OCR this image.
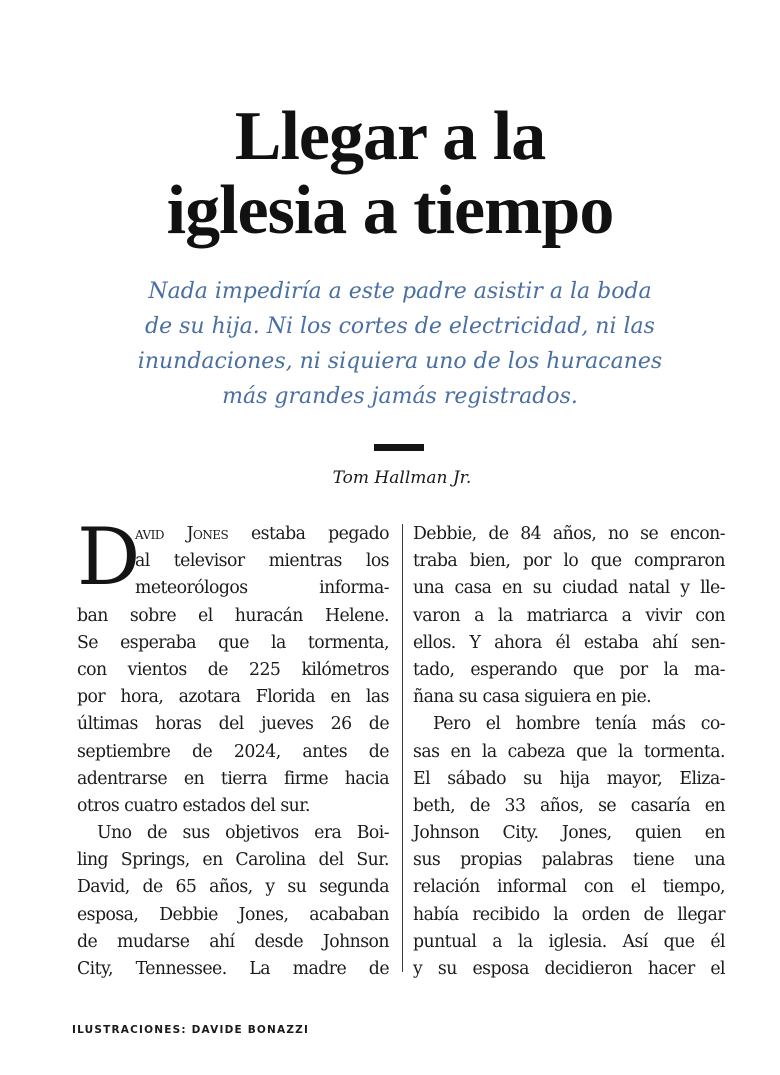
Llegar a la
iglesia a tiempo

Nada impediría a este padre asistir a la boda
de su hija. Ni los cortes de electricidad, ni las
inundaciones, ni siquiera uno de los huracanes
más grandes jamás registrados.

Tom Hallman Jr.
D
avid Jones estaba pegado
al televisor mientras los
meteorólogos informa-
ban sobre el huracán Helene.
Se esperaba que la tormenta,
con vientos de 225 kilómetros
por hora, azotara Florida en las
últimas horas del jueves 26 de
septiembre de 2024, antes de
adentrarse en tierra firme hacia
otros cuatro estados del sur.
Uno de sus objetivos era Boi-
ling Springs, en Carolina del Sur.
David, de 65 años, y su segunda
esposa, Debbie Jones, acababan
de mudarse ahí desde Johnson
City, Tennessee. La madre de
Debbie, de 84 años, no se encon-
traba bien, por lo que compraron
una casa en su ciudad natal y lle-
varon a la matriarca a vivir con
ellos. Y ahora él estaba ahí sen-
tado, esperando que por la ma-
ñana su casa siguiera en pie.
Pero el hombre tenía más co-
sas en la cabeza que la tormenta.
El sábado su hija mayor, Eliza-
beth, de 33 años, se casaría en
Johnson City. Jones, quien en
sus propias palabras tiene una
relación informal con el tiempo,
había recibido la orden de llegar
puntual a la iglesia. Así que él
y su esposa decidieron hacer el
ILUSTRACIONES: DAVIDE BONAZZI
